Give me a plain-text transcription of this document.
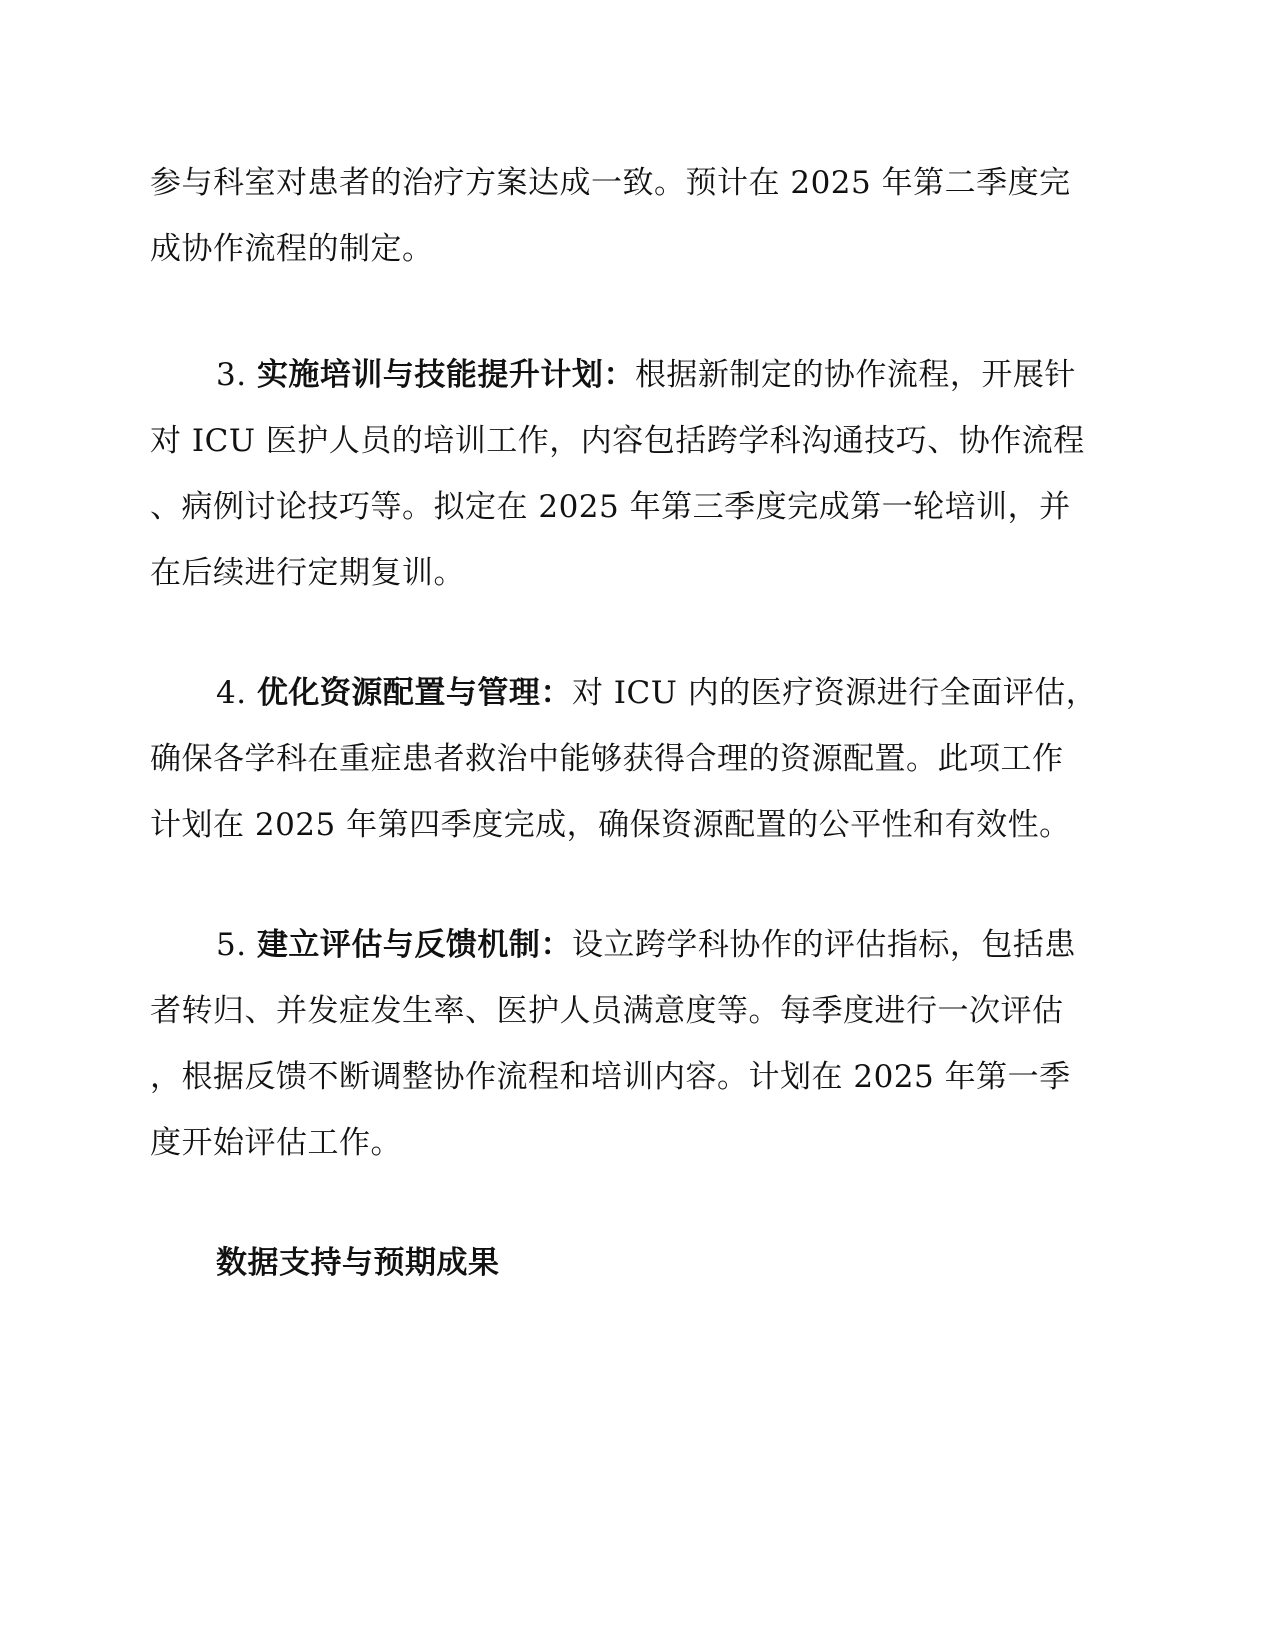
参与科室对患者的治疗方案达成一致。预计在 2025 年第二季度完
成协作流程的制定。
3. 实施培训与技能提升计划：根据新制定的协作流程，开展针
对 ICU 医护人员的培训工作，内容包括跨学科沟通技巧、协作流程
、病例讨论技巧等。拟定在 2025 年第三季度完成第一轮培训，并
在后续进行定期复训。
4. 优化资源配置与管理：对 ICU 内的医疗资源进行全面评估，
确保各学科在重症患者救治中能够获得合理的资源配置。此项工作
计划在 2025 年第四季度完成，确保资源配置的公平性和有效性。
5. 建立评估与反馈机制：设立跨学科协作的评估指标，包括患
者转归、并发症发生率、医护人员满意度等。每季度进行一次评估
，根据反馈不断调整协作流程和培训内容。计划在 2025 年第一季
度开始评估工作。
数据支持与预期成果
